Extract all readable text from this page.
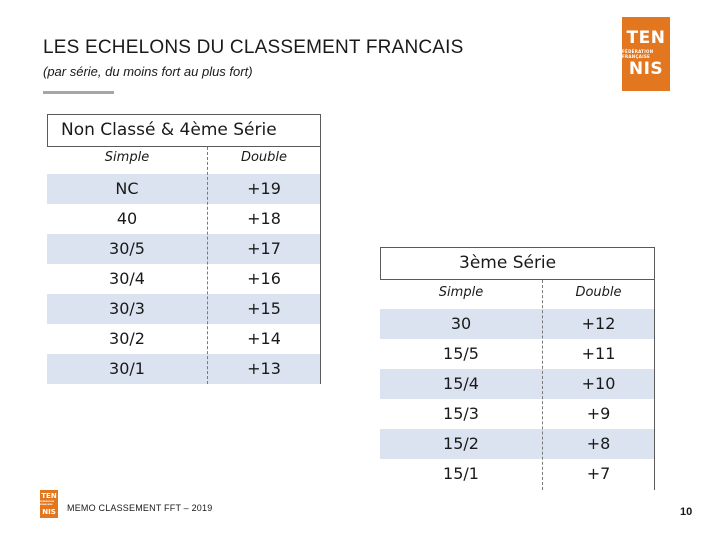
LES ECHELONS DU CLASSEMENT FRANCAIS
(par série, du moins fort au plus fort)
TEN
FÉDÉRATION FRANÇAISE
NIS
Non Classé & 4ème Série
Simple	Double
NC	+19
40	+18
30/5	+17
30/4	+16
30/3	+15
30/2	+14
30/1	+13
3ème Série
Simple	Double
30	+12
15/5	+11
15/4	+10
15/3	+9
15/2	+8
15/1	+7
TEN
FÉDÉRATION FRANÇAISE
NIS MEMO CLASSEMENT FFT – 2019	10
